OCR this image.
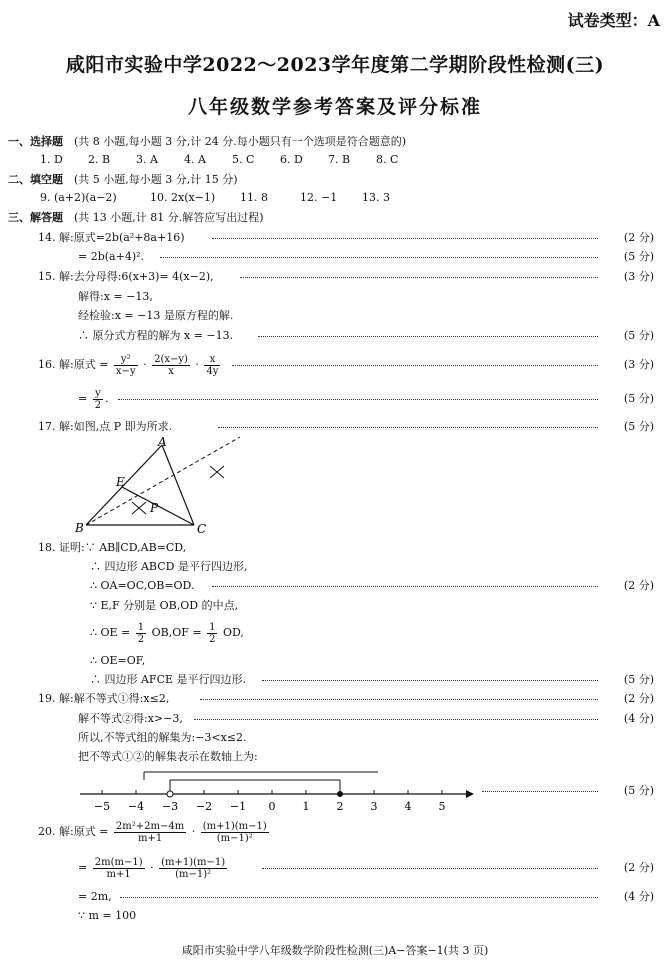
试卷类型：A
咸阳市实验中学2022～2023学年度第二学期阶段性检测(三)
八年级数学参考答案及评分标准
一、选择题 (共 8 小题,每小题 3 分,计 24 分.每小题只有一个选项是符合题意的)
1. D 2. B 3. A 4. A 5. C 6. D 7. B 8. C
二、填空题 (共 5 小题,每小题 3 分,计 15 分)
9. (a+2)(a−2)	10. 2x(x−1) 11. 8	12. −1 13. 3
三、解答题 (共 13 小题,计 81 分.解答应写出过程)
14. 解:原式=2b(a²+8a+16)	(2 分)
= 2b(a+4)².	(5 分)
15. 解:去分母得:6(x+3)= 4(x−2),	(3 分)
解得:x = −13,
经检验:x = −13 是原方程的解.
∴ 原分式方程的解为 x = −13.	(5 分)
16. 解:原式 = $\frac{\text{y²}}{x-y} \cdot \frac{2(x-y)}{x} \cdot \frac{x}{4y}$	(3 分)
= $\frac{y}{2}$ .	(5 分)
17. 解:如图,点 P 即为所求.	(5 分)
A
B	C
E
P
18. 证明:∵ AB∥CD,AB=CD,
∴ 四边形 ABCD 是平行四边形,
∴ OA=OC,OB=OD.	(2 分)
∵ E,F 分别是 OB,OD 的中点,
∴ OE = $\frac{1}{2} OB,OF = \frac{1}{2}$ OD,
∴ OE=OF,
∴ 四边形 AFCE 是平行四边形.	(5 分)
19. 解:解不等式①得:x≤2,	(2 分)
解不等式②得:x>−3,	(4 分)
所以,不等式组的解集为:−3<x≤2.
把不等式①②的解集表示在数轴上为:
−5 −4 −3 −2 −1 0 1 2 3 4 5
(5 分)
20. 解:原式 = $\frac{\text{2m²+2m−4m}}{m+1} \cdot \frac{(m+1)(m-1)}{\text{(m−1)²}}$
= $\frac{2m(m-1)}{m+1} \cdot \frac{(m+1)(m-1)}{\text{(m−1)²}}$	(2 分)
= 2m,	(4 分)
∵ m = 100
咸阳市实验中学八年级数学阶段性检测(三)A−答案−1(共 3 页)
